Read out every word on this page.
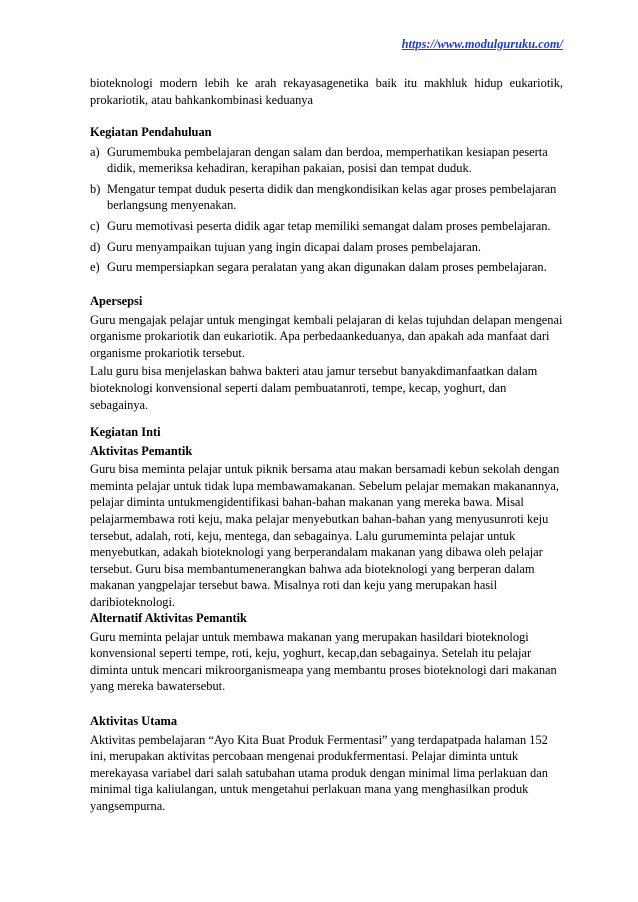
https://www.modulguruku.com/

bioteknologi modern lebih ke arah rekayasagenetika baik itu makhluk hidup eukariotik, prokariotik, atau bahkankombinasi keduanya

Kegiatan Pendahuluan

a) Gurumembuka pembelajaran dengan salam dan berdoa, memperhatikan kesiapan peserta didik, memeriksa kehadiran, kerapihan pakaian, posisi dan tempat duduk.
b) Mengatur tempat duduk peserta didik dan mengkondisikan kelas agar proses pembelajaran berlangsung menyenakan.
c) Guru memotivasi peserta didik agar tetap memiliki semangat dalam proses pembelajaran.
d) Guru menyampaikan tujuan yang ingin dicapai dalam proses pembelajaran.
e) Guru mempersiapkan segara peralatan yang akan digunakan dalam proses pembelajaran.

Apersepsi

Guru mengajak pelajar untuk mengingat kembali pelajaran di kelas tujuhdan delapan mengenai organisme prokariotik dan eukariotik. Apa perbedaankeduanya, dan apakah ada manfaat dari organisme prokariotik tersebut.

Lalu guru bisa menjelaskan bahwa bakteri atau jamur tersebut banyakdimanfaatkan dalam bioteknologi konvensional seperti dalam pembuatanroti, tempe, kecap, yoghurt, dan sebagainya.

Kegiatan Inti

Aktivitas Pemantik

Guru bisa meminta pelajar untuk piknik bersama atau makan bersamadi kebun sekolah dengan meminta pelajar untuk tidak lupa membawamakanan. Sebelum pelajar memakan makanannya, pelajar diminta untukmengidentifikasi bahan-bahan makanan yang mereka bawa. Misal pelajarmembawa roti keju, maka pelajar menyebutkan bahan-bahan yang menyusunroti keju tersebut, adalah, roti, keju, mentega, dan sebagainya. Lalu gurumeminta pelajar untuk menyebutkan, adakah bioteknologi yang berperandalam makanan yang dibawa oleh pelajar tersebut. Guru bisa membantumenerangkan bahwa ada bioteknologi yang berperan dalam makanan yangpelajar tersebut bawa. Misalnya roti dan keju yang merupakan hasil daribioteknologi.

Alternatif Aktivitas Pemantik

Guru meminta pelajar untuk membawa makanan yang merupakan hasildari bioteknologi konvensional seperti tempe, roti, keju, yoghurt, kecap,dan sebagainya. Setelah itu pelajar diminta untuk mencari mikroorganismeapa yang membantu proses bioteknologi dari makanan yang mereka bawatersebut.

Aktivitas Utama

Aktivitas pembelajaran “Ayo Kita Buat Produk Fermentasi” yang terdapatpada halaman 152 ini, merupakan aktivitas percobaan mengenai produkfermentasi. Pelajar diminta untuk merekayasa variabel dari salah satubahan utama produk dengan minimal lima perlakuan dan minimal tiga kaliulangan, untuk mengetahui perlakuan mana yang menghasilkan produk yangsempurna.
